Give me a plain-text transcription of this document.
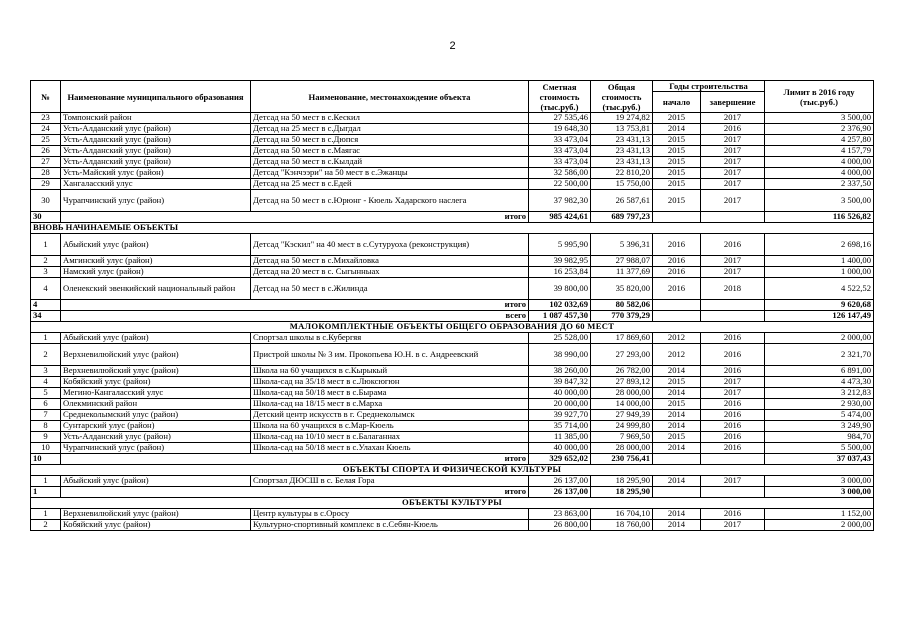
2
№	Наименование муниципального образования	Наименование, местонахождение объекта	Сметная стоимость (тыс.руб.)	Общая стоимость (тыс.руб.)	Годы строительства		Лимит в 2016 году (тыс.руб.)
					начало	завершение	
23	Томпонский район	Детсад на 50 мест в с.Кескил	27 535,46	19 274,82	2015	2017	3 500,00
24	Усть-Алданский улус (район)	Детсад на 25 мест в с.Дыгдал	19 648,30	13 753,81	2014	2016	2 376,90
25	Усть-Алданский улус (район)	Детсад на 50 мест в с.Дюпся	33 473,04	23 431,13	2015	2017	4 257,80
26	Усть-Алданский улус (район)	Детсад на 50 мест в с.Маягас	33 473,04	23 431,13	2015	2017	4 157,79
27	Усть-Алданский улус (район)	Детсад на 50 мест в с.Кылдай	33 473,04	23 431,13	2015	2017	4 000,00
28	Усть-Майский улус (район)	Детсад "Кэнчээри" на 50 мест в с.Эжанцы	32 586,00	22 810,20	2015	2017	4 000,00
29	Хангаласский улус	Детсад на 25 мест в с.Едей	22 500,00	15 750,00	2015	2017	2 337,50
30	Чурапчинский улус (район)	Детсад на 50 мест в с.Юрюнг - Кюель Хадарского наслега	37 982,30	26 587,61	2015	2017	3 500,00
30	итого		985 424,61	689 797,23			116 526,82
ВНОВЬ НАЧИНАЕМЫЕ ОБЪЕКТЫ							
1	Абыйский улус (район)	Детсад "Кэскил" на 40 мест в с.Сутуруоха (реконструкция)	5 995,90	5 396,31	2016	2016	2 698,16
2	Амгинский улус (район)	Детсад на 50 мест в с.Михайловка	39 982,95	27 988,07	2016	2017	1 400,00
3	Намский улус (район)	Детсад на 20 мест в с. Сыгынныах	16 253,84	11 377,69	2016	2017	1 000,00
4	Оленекский эвенкийский национальный район	Детсад на 50 мест в с.Жилинда	39 800,00	35 820,00	2016	2018	4 522,52
4	итого		102 032,69	80 582,06			9 620,68
34	всего		1 087 457,30	770 379,29			126 147,49
МАЛОКОМПЛЕКТНЫЕ ОБЪЕКТЫ ОБЩЕГО ОБРАЗОВАНИЯ ДО 60 МЕСТ							
1	Абыйский улус (район)	Спортзал школы в с.Кубергяя	25 528,00	17 869,60	2012	2016	2 000,00
2	Верхневилюйский улус (район)	Пристрой школы № 3 им. Прокопьева Ю.Н. в с. Андреевский	38 990,00	27 293,00	2012	2016	2 321,70
3	Верхневилюйский улус (район)	Школа на 60 учащихся в с.Кырыкый	38 260,00	26 782,00	2014	2016	6 891,00
4	Кобяйский улус (район)	Школа-сад на 35/18 мест в с.Люксюгюн	39 847,32	27 893,12	2015	2017	4 473,30
5	Мегино-Кангаласский улус	Школа-сад на 50/18 мест в с.Бырама	40 000,00	28 000,00	2014	2017	3 212,83
6	Олекминский район	Школа-сад на 18/15 мест в с.Марха	20 000,00	14 000,00	2015	2016	2 930,00
7	Среднеколымский улус (район)	Детский центр искусств в г. Среднеколымск	39 927,70	27 949,39	2014	2016	5 474,00
8	Сунтарский улус (район)	Школа на 60 учащихся в с.Мар-Кюель	35 714,00	24 999,80	2014	2016	3 249,90
9	Усть-Алданский улус (район)	Школа-сад на 10/10 мест в с.Балаганнах	11 385,00	7 969,50	2015	2016	984,70
10	Чурапчинский улус (район)	Школа-сад на 50/18 мест в с.Улахан Кюель	40 000,00	28 000,00	2014	2016	5 500,00
10	итого		329 652,02	230 756,41			37 037,43
ОБЪЕКТЫ СПОРТА И ФИЗИЧЕСКОЙ КУЛЬТУРЫ							
1	Абыйский улус (район)	Спортзал ДЮСШ в с. Белая Гора	26 137,00	18 295,90	2014	2017	3 000,00
1	итого		26 137,00	18 295,90			3 000,00
ОБЪЕКТЫ КУЛЬТУРЫ							
1	Верхневилюйский улус (район)	Центр культуры в с.Оросу	23 863,00	16 704,10	2014	2016	1 152,00
2	Кобяйский улус (район)	Культурно-спортивный комплекс в с.Себян-Кюель	26 800,00	18 760,00	2014	2017	2 000,00
